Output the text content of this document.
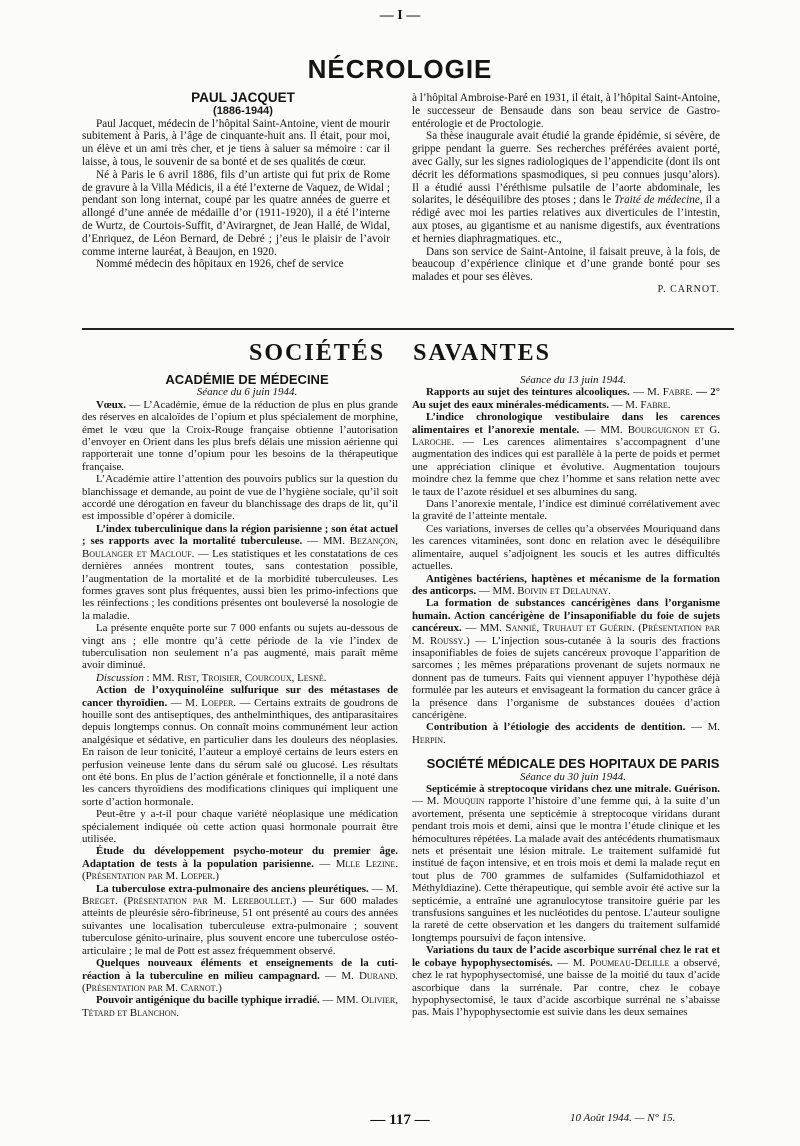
— I —
NÉCROLOGIE

PAUL JACQUET

(1886-1944)

Paul Jacquet, médecin de l’hôpital Saint-Antoine, vient de mourir subitement à Paris, à l’âge de cinquante-huit ans. Il était, pour moi, un élève et un ami très cher, et je tiens à saluer sa mémoire : car il laisse, à tous, le souvenir de sa bonté et de ses qualités de cœur.

Né à Paris le 6 avril 1886, fils d’un artiste qui fut prix de Rome de gravure à la Villa Médicis, il a été l’externe de Vaquez, de Widal ; pendant son long internat, coupé par les quatre années de guerre et allongé d’une année de médaille d’or (1911-1920), il a été l’interne de Wurtz, de Courtois-Suffit, d’Avirargnet, de Jean Hallé, de Widal, d’Enriquez, de Léon Bernard, de Debré ; j’eus le plaisir de l’avoir comme interne lauréat, à Beaujon, en 1920.

Nommé médecin des hôpitaux en 1926, chef de service

à l’hôpital Ambroise-Paré en 1931, il était, à l’hôpital Saint-Antoine, le successeur de Bensaude dans son beau service de Gastro-entérologie et de Proctologie.

Sa thèse inaugurale avait étudié la grande épidémie, si sévère, de grippe pendant la guerre. Ses recherches préférées avaient porté, avec Gally, sur les signes radiologiques de l’appendicite (dont ils ont décrit les déformations spasmodiques, si peu connues jusqu’alors). Il a étudié aussi l’éréthisme pulsatile de l’aorte abdominale, les solarites, le déséquilibre des ptoses ; dans le Traité de médecine, il a rédigé avec moi les parties relatives aux diverticules de l’intestin, aux ptoses, au gigantisme et au nanisme digestifs, aux éventrations et hernies diaphragmatiques. etc.,

Dans son service de Saint-Antoine, il faisait preuve, à la fois, de beaucoup d’expérience clinique et d’une grande bonté pour ses malades et pour ses élèves.

P. CARNOT.

SOCIÉTÉS SAVANTES

ACADÉMIE DE MÉDECINE

Séance du 6 juin 1944.

Vœux. — L’Académie, émue de la réduction de plus en plus grande des réserves en alcaloïdes de l’opium et plus spécialement de morphine, émet le vœu que la Croix-Rouge française obtienne l’autorisation d’envoyer en Orient dans les plus brefs délais une mission aérienne qui rapporterait une tonne d’opium pour les besoins de la thérapeutique française.

L’Académie attire l’attention des pouvoirs publics sur la question du blanchissage et demande, au point de vue de l’hygiène sociale, qu’il soit accordé une dérogation en faveur du blanchissage des draps de lit, qu’il est impossible d’opérer à domicile.

L’index tuberculinique dans la région parisienne ; son état actuel ; ses rapports avec la mortalité tuberculeuse. — MM. Bezançon, Boulanger et Maclouf. — Les statistiques et les constatations de ces dernières années montrent toutes, sans contestation possible, l’augmentation de la mortalité et de la morbidité tuberculeuses. Les formes graves sont plus fréquentes, aussi bien les primo-infections que les réinfections ; les conditions présentes ont bouleversé la nosologie de la maladie.

La présente enquête porte sur 7 000 enfants ou sujets au-dessous de vingt ans ; elle montre qu’à cette période de la vie l’index de tuberculisation non seulement n’a pas augmenté, mais paraît même avoir diminué.

Discussion : MM. Rist, Troisier, Courcoux, Lesné.

Action de l’oxyquinoléine sulfurique sur des métastases de cancer thyroïdien. — M. Loeper. — Certains extraits de goudrons de houille sont des antiseptiques, des anthelminthiques, des antiparasitaires depuis longtemps connus. On connaît moins communément leur action analgésique et sédative, en particulier dans les douleurs des néoplasies. En raison de leur tonicité, l’auteur a employé certains de leurs esters en perfusion veineuse lente dans du sérum salé ou glucosé. Les résultats ont été bons. En plus de l’action générale et fonctionnelle, il a noté dans les cancers thyroïdiens des modifications cliniques qui impliquent une sorte d’action hormonale.

Peut-être y a-t-il pour chaque variété néoplasique une médication spécialement indiquée où cette action quasi hormonale pourrait être utilisée.

Étude du développement psycho-moteur du premier âge. Adaptation de tests à la population parisienne. — Mlle Lezine. (Présentation par M. Loeper.)

La tuberculose extra-pulmonaire des anciens pleurétiques. — M. Breget. (Présentation par M. Lereboullet.) — Sur 600 malades atteints de pleurésie séro-fibrineuse, 51 ont présenté au cours des années suivantes une localisation tuberculeuse extra-pulmonaire ; souvent tuberculose génito-urinaire, plus souvent encore une tuberculose ostéo-articulaire ; le mal de Pott est assez fréquemment observé.

Quelques nouveaux éléments et enseignements de la cuti-réaction à la tuberculine en milieu campagnard. — M. Durand. (Présentation par M. Carnot.)

Pouvoir antigénique du bacille typhique irradié. — MM. Olivier, Tétard et Blanchon.

Séance du 13 juin 1944.

Rapports au sujet des teintures alcooliques. — M. Fabre. — 2° Au sujet des eaux minérales-médicaments. — M. Fabre.

L’indice chronologique vestibulaire dans les carences alimentaires et l’anorexie mentale. — MM. Bourguignon et G. Laroche. — Les carences alimentaires s’accompagnent d’une augmentation des indices qui est parallèle à la perte de poids et permet une appréciation clinique et évolutive. Augmentation toujours moindre chez la femme que chez l’homme et sans relation nette avec le taux de l’azote résiduel et ses albumines du sang.

Dans l’anorexie mentale, l’indice est diminué corrélativement avec la gravité de l’atteinte mentale.

Ces variations, inverses de celles qu’a observées Mouriquand dans les carences vitaminées, sont donc en relation avec le déséquilibre alimentaire, auquel s’adjoignent les soucis et les autres difficultés actuelles.

Antigènes bactériens, haptènes et mécanisme de la formation des anticorps. — MM. Boivin et Delaunay.

La formation de substances cancérigènes dans l’organisme humain. Action cancérigène de l’insaponifiable du foie de sujets cancéreux. — MM. Sannié, Truhaut et Guérin. (Présentation par M. Roussy.) — L’injection sous-cutanée à la souris des fractions insaponifiables de foies de sujets cancéreux provoque l’apparition de sarcomes ; les mêmes préparations provenant de sujets normaux ne donnent pas de tumeurs. Faits qui viennent appuyer l’hypothèse déjà formulée par les auteurs et envisageant la formation du cancer grâce à la présence dans l’organisme de substances douées d’action cancérigène.

Contribution à l’étiologie des accidents de dentition. — M. Herpin.

SOCIÉTÉ MÉDICALE DES HOPITAUX DE PARIS

Séance du 30 juin 1944.

Septicémie à streptocoque viridans chez une mitrale. Guérison. — M. Mouquin rapporte l’histoire d’une femme qui, à la suite d’un avortement, présenta une septicémie à streptocoque viridans durant pendant trois mois et demi, ainsi que le montra l’étude clinique et les hémocultures répétées. La malade avait des antécédents rhumatismaux nets et présentait une lésion mitrale. Le traitement sulfamidé fut institué de façon intensive, et en trois mois et demi la malade reçut en tout plus de 700 grammes de sulfamides (Sulfamidothiazol et Méthyldiazine). Cette thérapeutique, qui semble avoir été active sur la septicémie, a entraîné une agranulocytose transitoire guérie par les transfusions sanguines et les nucléotides du pentose. L’auteur souligne la rareté de cette observation et les dangers du traitement sulfamidé longtemps poursuivi de façon intensive.

Variations du taux de l’acide ascorbique surrénal chez le rat et le cobaye hypophysectomisés. — M. Poumeau-Delille a observé, chez le rat hypophysectomisé, une baisse de la moitié du taux d’acide ascorbique dans la surrénale. Par contre, chez le cobaye hypophysectomisé, le taux d’acide ascorbique surrénal ne s’abaisse pas. Mais l’hypophysectomie est suivie dans les deux semaines

— 117 —	10 Août 1944. — N° 15.
